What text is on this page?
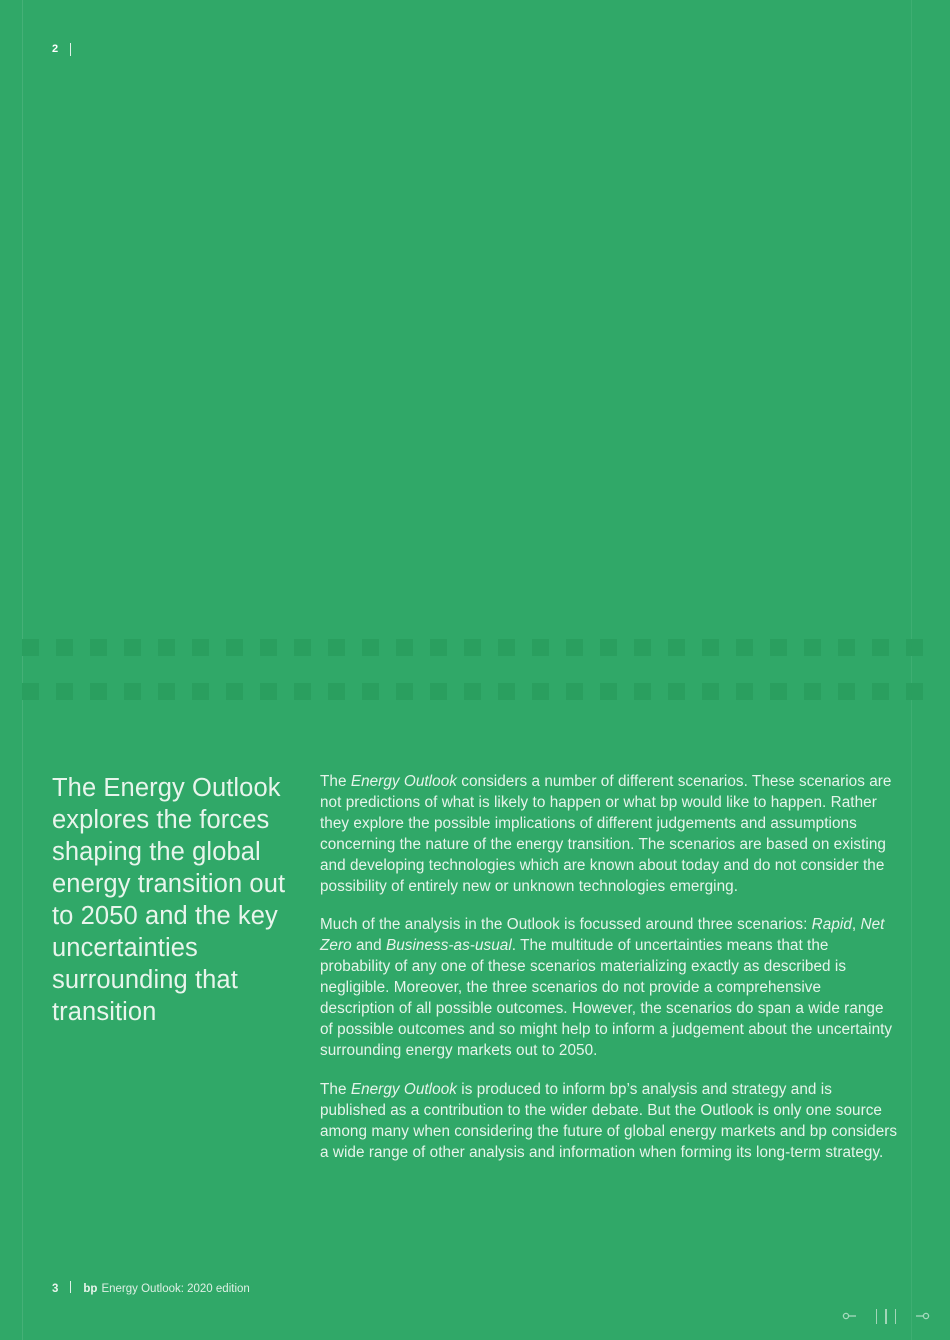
2
The Energy Outlook explores the forces shaping the global energy transition out to 2050 and the key uncertainties surrounding that transition

The Energy Outlook considers a number of different scenarios. These scenarios are not predictions of what is likely to happen or what bp would like to happen. Rather they explore the possible implications of different judgements and assumptions concerning the nature of the energy transition. The scenarios are based on existing and developing technologies which are known about today and do not consider the possibility of entirely new or unknown technologies emerging.

Much of the analysis in the Outlook is focussed around three scenarios: Rapid, Net Zero and Business-as-usual. The multitude of uncertainties means that the probability of any one of these scenarios materializing exactly as described is negligible. Moreover, the three scenarios do not provide a comprehensive description of all possible outcomes. However, the scenarios do span a wide range of possible outcomes and so might help to inform a judgement about the uncertainty surrounding energy markets out to 2050.

The Energy Outlook is produced to inform bp’s analysis and strategy and is published as a contribution to the wider debate. But the Outlook is only one source among many when considering the future of global energy markets and bp considers a wide range of other analysis and information when forming its long-term strategy.

3 bp Energy Outlook: 2020 edition
